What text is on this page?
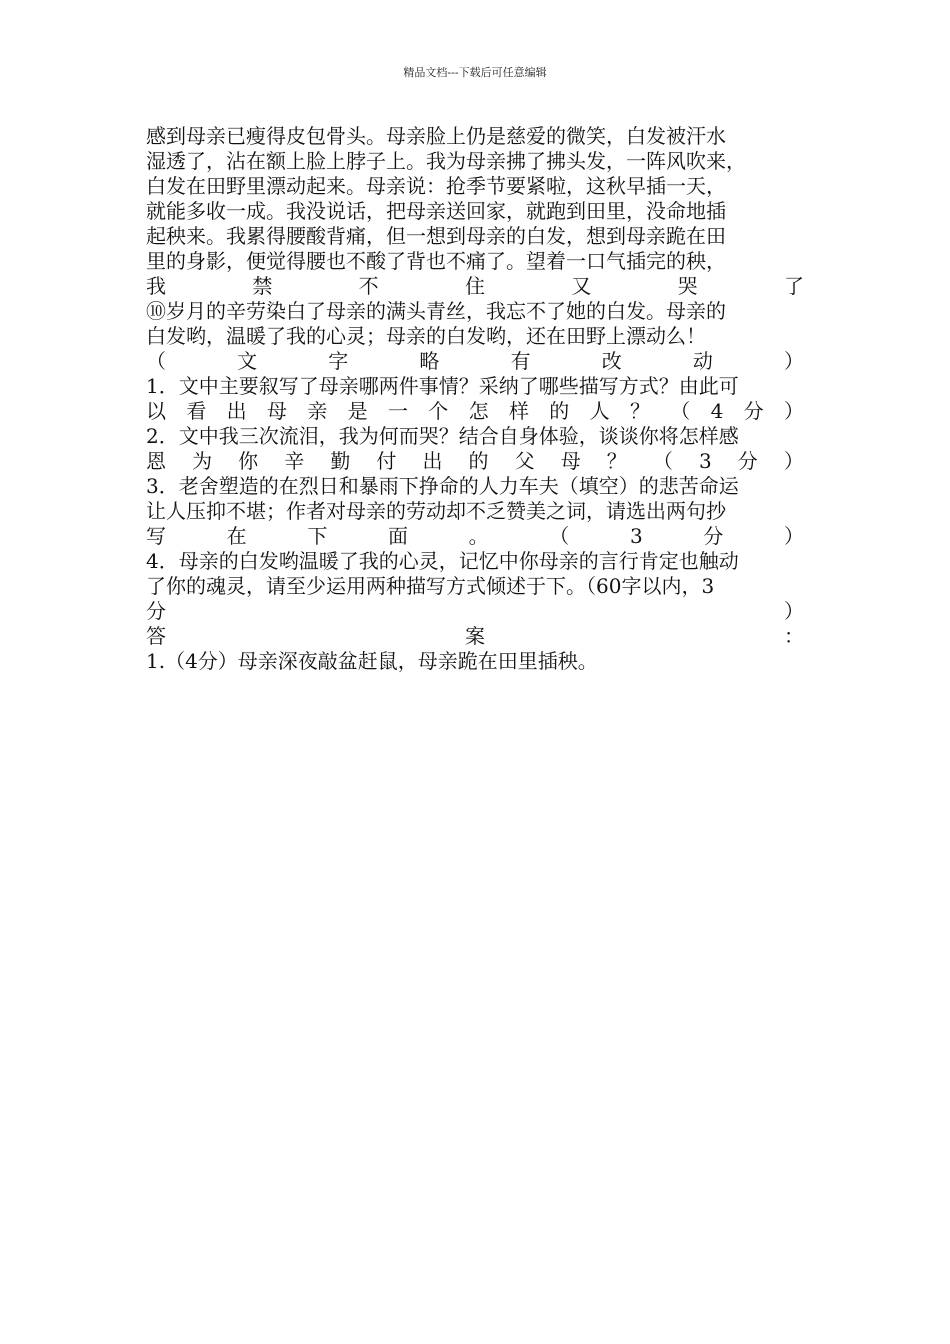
精品文档---下载后可任意编辑
感到母亲已瘦得皮包骨头。母亲脸上仍是慈爱的微笑，白发被汗水
湿透了，沾在额上脸上脖子上。我为母亲拂了拂头发，一阵风吹来，
白发在田野里漂动起来。母亲说：抢季节要紧啦，这秋早插一天，
就能多收一成。我没说话，把母亲送回家，就跑到田里，没命地插
起秧来。我累得腰酸背痛，但一想到母亲的白发，想到母亲跪在田
里的身影，便觉得腰也不酸了背也不痛了。望着一口气插完的秧，
我	禁	不	住	又	哭	了
⑩岁月的辛劳染白了母亲的满头青丝，我忘不了她的白发。母亲的
白发哟，温暖了我的心灵；母亲的白发哟，还在田野上漂动么！
（	文	字	略	有	改	动	）
1．文中主要叙写了母亲哪两件事情？采纳了哪些描写方式？由此可
以 看 出 母 亲 是 一 个 怎 样 的 人 ？ （ 4 分 ）
2．文中我三次流泪，我为何而哭？结合自身体验，谈谈你将怎样感
恩 为 你 辛 勤 付 出 的 父 母 ？ （ 3 分 ）
3．老舍塑造的在烈日和暴雨下挣命的人力车夫（填空）的悲苦命运
让人压抑不堪；作者对母亲的劳动却不乏赞美之词，请选出两句抄
写	在	下	面	。	（	3	分	）
4．母亲的白发哟温暖了我的心灵，记忆中你母亲的言行肯定也触动
了你的魂灵，请至少运用两种描写方式倾述于下。（60字以内，3
分	）
答	案	：
1.（4分）母亲深夜敲盆赶鼠，母亲跪在田里插秧。
